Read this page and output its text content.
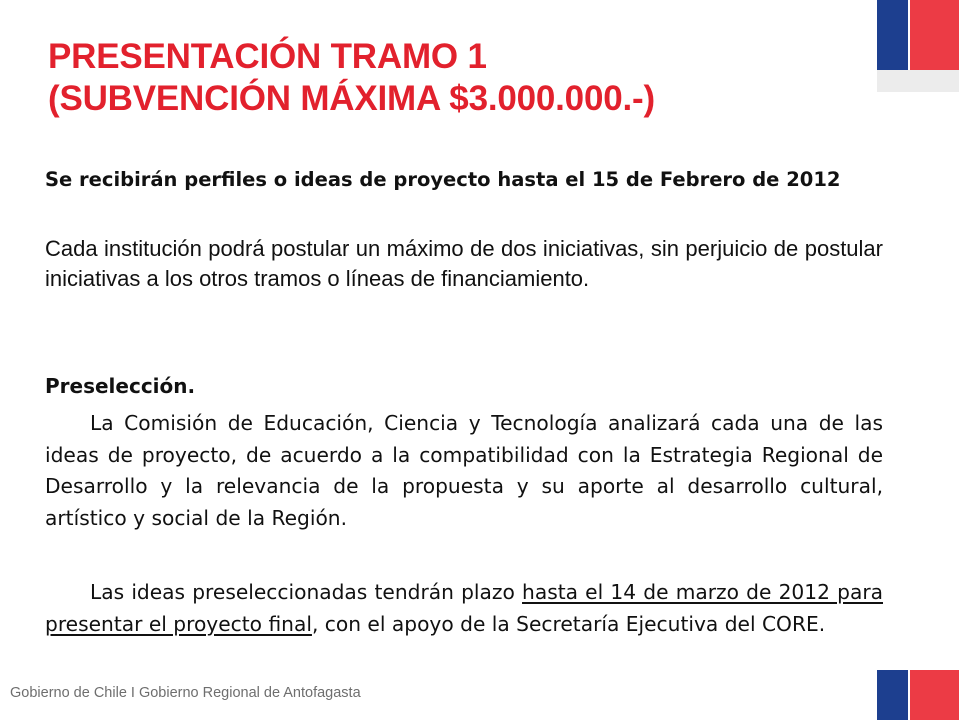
PRESENTACIÓN TRAMO 1
(SUBVENCIÓN MÁXIMA $3.000.000.-)

Se recibirán perfiles o ideas de proyecto hasta el 15 de Febrero de 2012

Cada institución podrá postular un máximo de dos iniciativas, sin perjuicio de postular iniciativas a los otros tramos o líneas de financiamiento.

Preselección.

La Comisión de Educación, Ciencia y Tecnología analizará cada una de las ideas de proyecto, de acuerdo a la compatibilidad con la Estrategia Regional de Desarrollo y la relevancia de la propuesta y su aporte al desarrollo cultural, artístico y social de la Región.

Las ideas preseleccionadas tendrán plazo hasta el 14 de marzo de 2012 para presentar el proyecto final, con el apoyo de la Secretaría Ejecutiva del CORE.

Gobierno de Chile I Gobierno Regional de Antofagasta
